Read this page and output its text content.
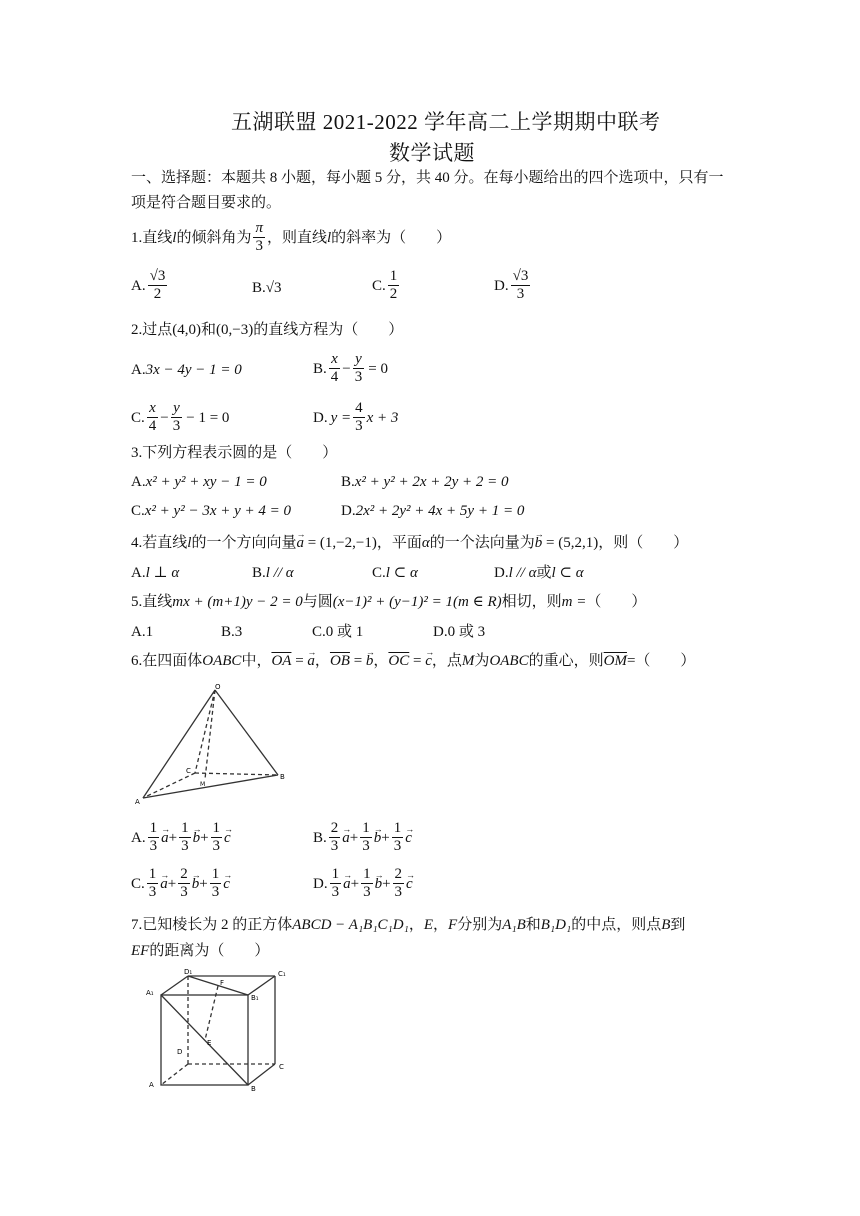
五湖联盟 2021-2022 学年高二上学期期中联考
数学试题
一、选择题：本题共 8 小题，每小题 5 分，共 40 分。在每小题给出的四个选项中，只有一
项是符合题目要求的。
1.直线 l 的倾斜角为 $\frac{\pi}{3}$ ，则直线 l 的斜率为（　　）
A. $\frac{√3}{2}$	B.√3	C. $\frac{1}{2}$	D. $\frac{√3}{3}$
2.过点(4,0)和(0,−3)的直线方程为（　　）
A.3x − 4y − 1 = 0	B. $\frac{x}{4} - \frac{y}{3} = 0$
C. $\frac{x}{4} - \frac{y}{3} - 1 = 0$	D. $y = \frac{4}{3}$ x + 3
3.下列方程表示圆的是（　　）
A.x² + y² + xy − 1 = 0	B.x² + y² + 2x + 2y + 2 = 0
C.x² + y² − 3x + y + 4 = 0	D.2x² + 2y² + 4x + 5y + 1 = 0
4.若直线l的一个方向向量→ a = (1,−2,−1)，平面α的一个法向量为→ b = (5,2,1)，则（　　）
A.l ⊥ α	B.l // α	C.l ⊂ α	D.l // α或l ⊂ α
5.直线mx + (m+1)y − 2 = 0与圆(x−1)² + (y−1)² = 1(m ∈ R)相切，则m =（　　）
A.1	B.3	C.0 或 1	D.0 或 3
6.在四面体OABC中，$\overline{OA}$ = → a，$\overline{OB}$ = → b，$\overline{OC}$ = → c，点M为OABC的重心，则$\overline{OM}=$（　　）
O
A
B
C
M
A. $\frac{1}{3} \to a + \frac{1}{3} \to b + \frac{1}{3} \to c$	B. $\frac{2}{3} \to a + \frac{1}{3} \to b + \frac{1}{3} \to c$
C. $\frac{1}{3} \to a + \frac{2}{3} \to b + \frac{1}{3} \to c$	D. $\frac{1}{3} \to a + \frac{1}{3} \to b + \frac{2}{3} \to c$
7.已知棱长为 2 的正方体ABCD − A₁B₁C₁D₁，E，F分别为A₁B和B₁D₁的中点，则点B到
EF的距离为（　　）
D₁	C₁
A₁
B₁
F
E
D
C
A	B
